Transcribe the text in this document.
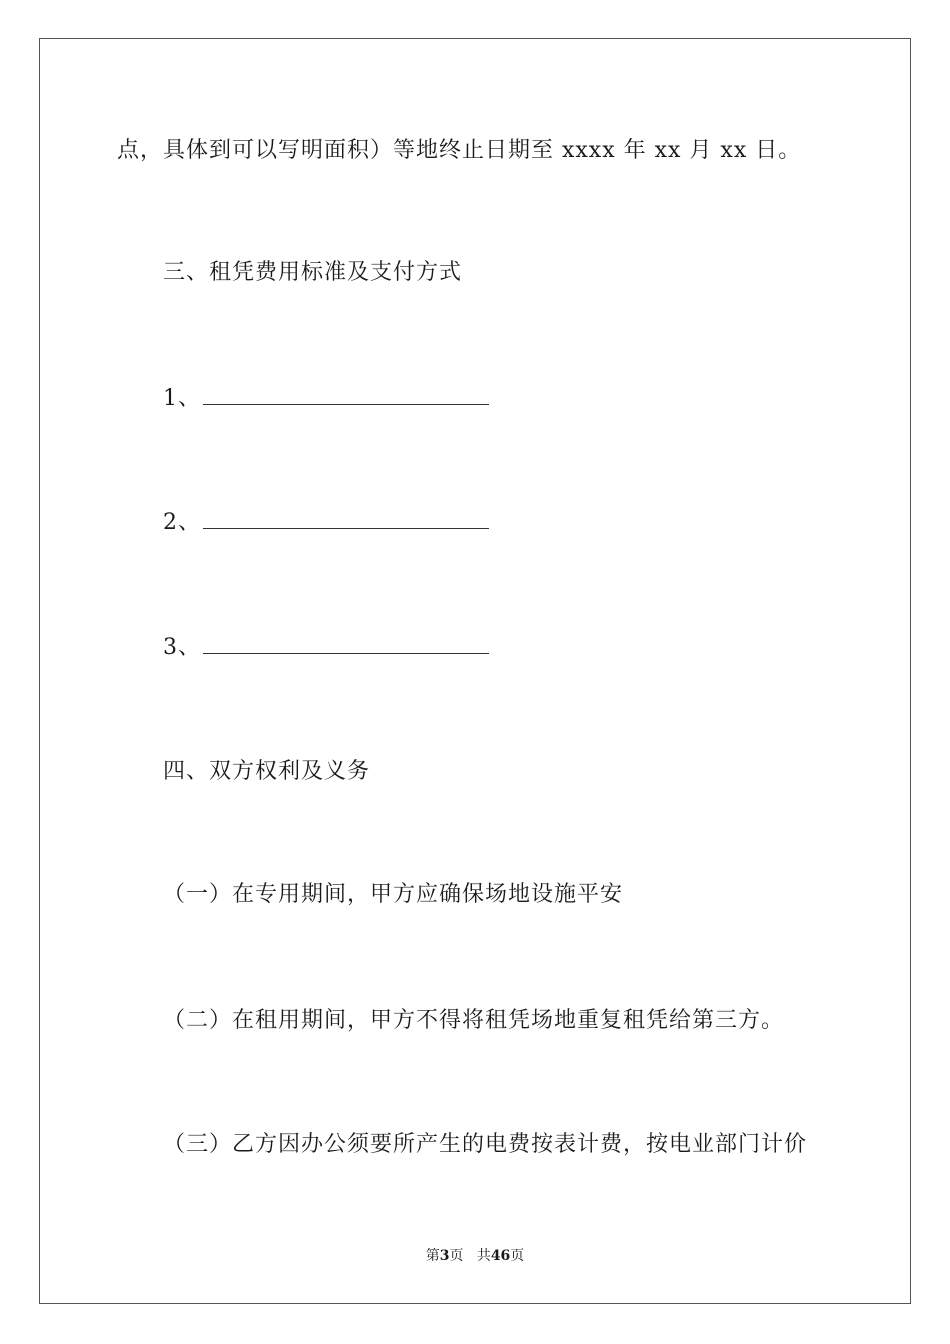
点，具体到可以写明面积）等地终止日期至 xxxx 年 xx 月 xx 日。
三、租凭费用标准及支付方式
1、
2、
3、
四、双方权利及义务
（一）在专用期间，甲方应确保场地设施平安
（二）在租用期间，甲方不得将租凭场地重复租凭给第三方。
（三）乙方因办公须要所产生的电费按表计费，按电业部门计价
第3页 共46页
